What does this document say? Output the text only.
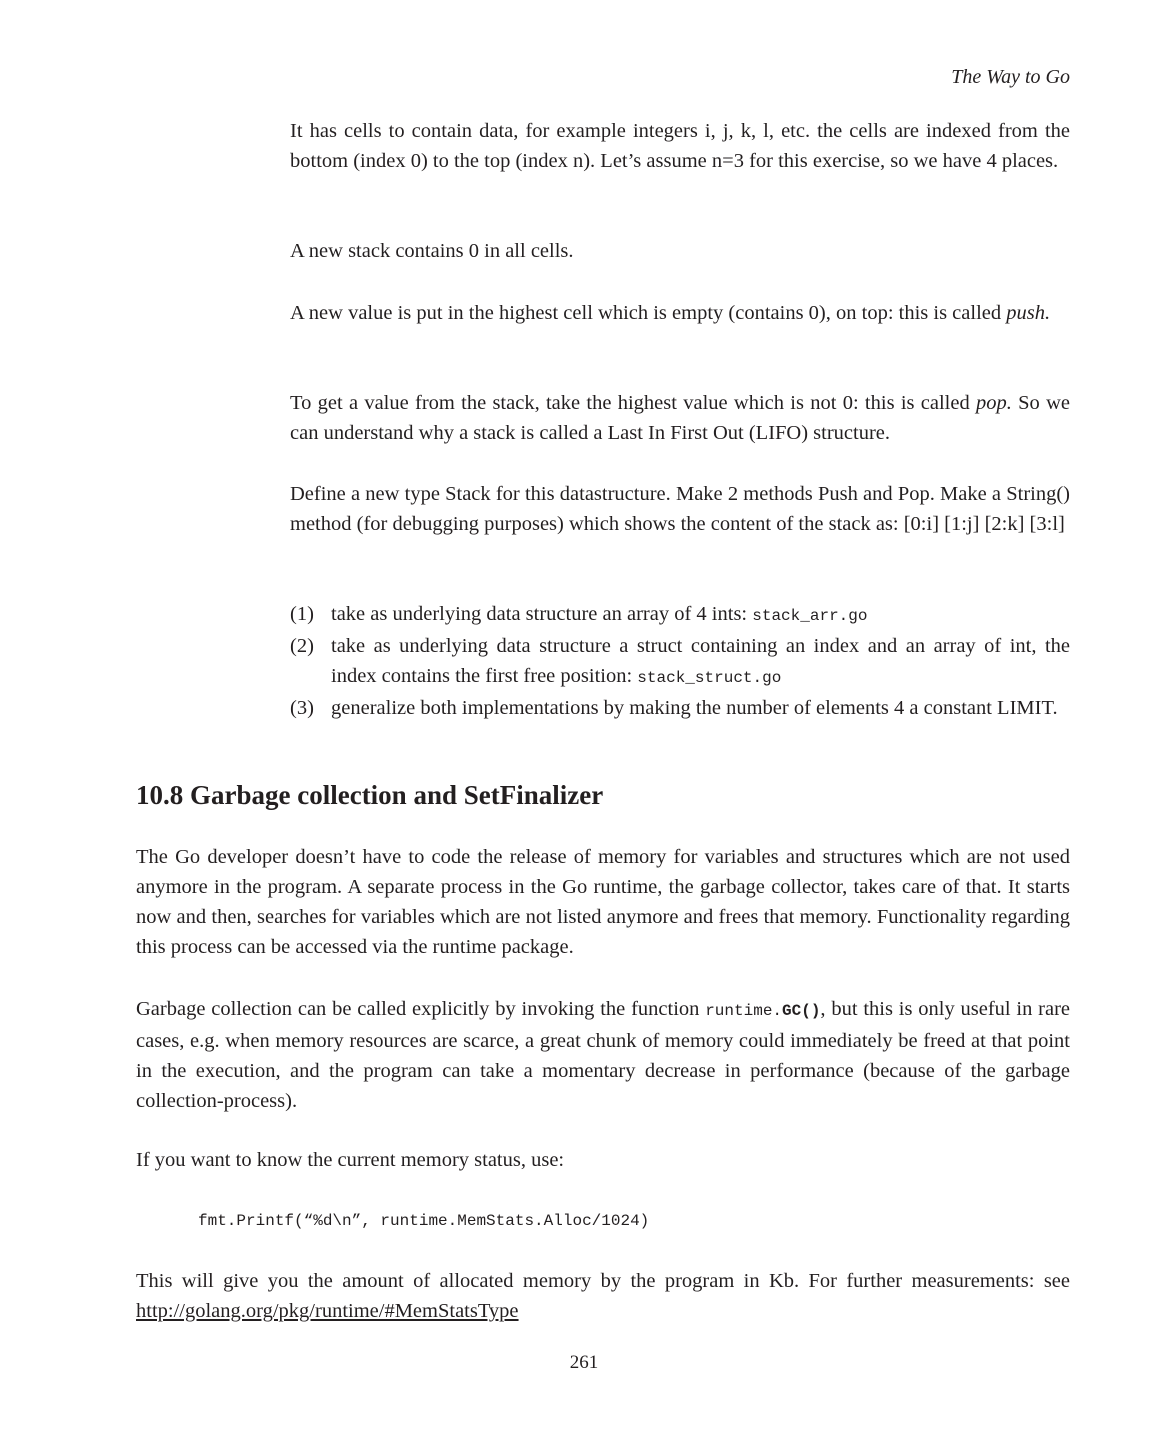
The Way to Go

It has cells to contain data, for example integers i, j, k, l, etc. the cells are indexed from the bottom (index 0) to the top (index n). Let’s assume n=3 for this exercise, so we have 4 places.

A new stack contains 0 in all cells.

A new value is put in the highest cell which is empty (contains 0), on top: this is called push.

To get a value from the stack, take the highest value which is not 0: this is called pop. So we can understand why a stack is called a Last In First Out (LIFO) structure.

Define a new type Stack for this datastructure. Make 2 methods Push and Pop. Make a String() method (for debugging purposes) which shows the content of the stack as: [0:i] [1:j] [2:k] [3:l]

(1) take as underlying data structure an array of 4 ints: stack_arr.go
(2) take as underlying data structure a struct containing an index and an array of int, the index contains the first free position: stack_struct.go
(3) generalize both implementations by making the number of elements 4 a constant LIMIT.
10.8 Garbage collection and SetFinalizer

The Go developer doesn’t have to code the release of memory for variables and structures which are not used anymore in the program. A separate process in the Go runtime, the garbage collector, takes care of that. It starts now and then, searches for variables which are not listed anymore and frees that memory. Functionality regarding this process can be accessed via the runtime package.

Garbage collection can be called explicitly by invoking the function runtime.GC(), but this is only useful in rare cases, e.g. when memory resources are scarce, a great chunk of memory could immediately be freed at that point in the execution, and the program can take a momentary decrease in performance (because of the garbage collection-process).

If you want to know the current memory status, use:

fmt.Printf(“%d\n”, runtime.MemStats.Alloc/1024)

This will give you the amount of allocated memory by the program in Kb. For further measurements: see http://golang.org/pkg/runtime/#MemStatsType

261
